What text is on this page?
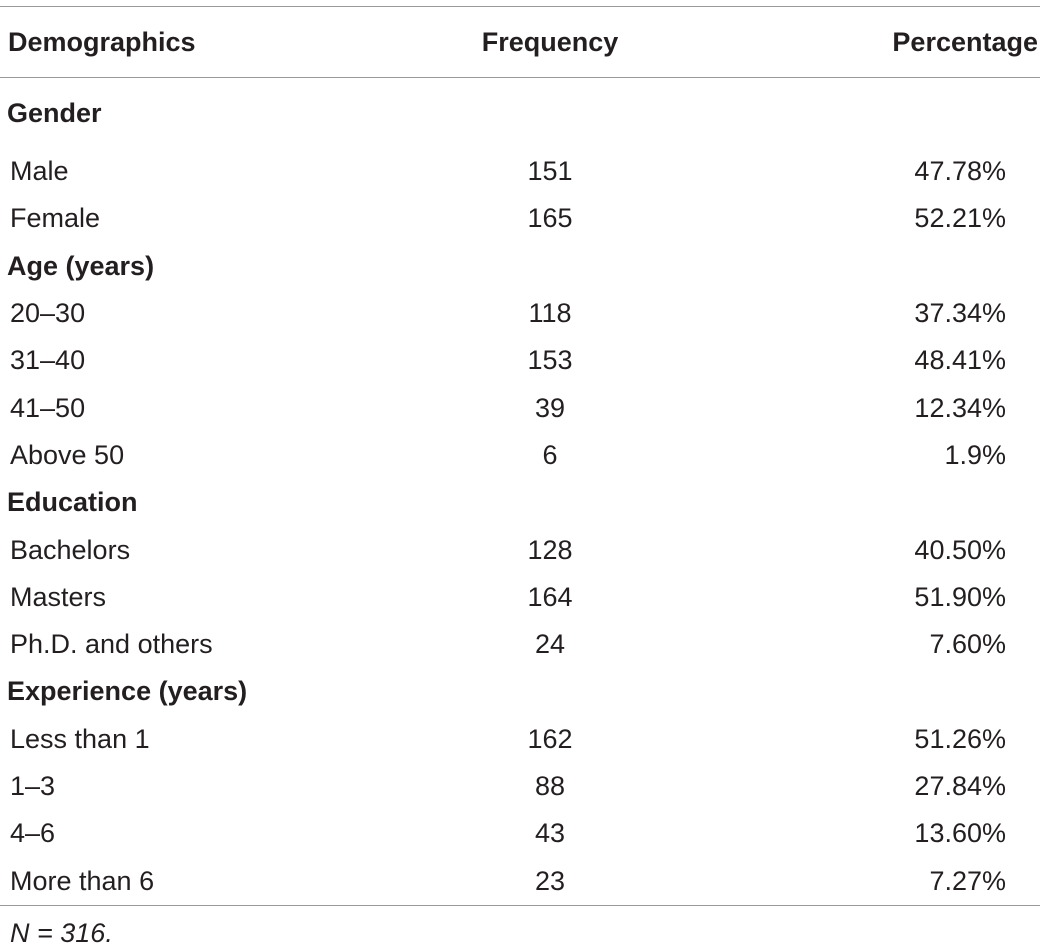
Demographics	Frequency	Percentage
Gender
Male	151	47.78%
Female	165	52.21%
Age (years)
20–30	118	37.34%
31–40	153	48.41%
41–50	39	12.34%
Above 50	6	1.9%
Education
Bachelors	128	40.50%
Masters	164	51.90%
Ph.D. and others	24	7.60%
Experience (years)
Less than 1	162	51.26%
1–3	88	27.84%
4–6	43	13.60%
More than 6	23	7.27%
N = 316.
